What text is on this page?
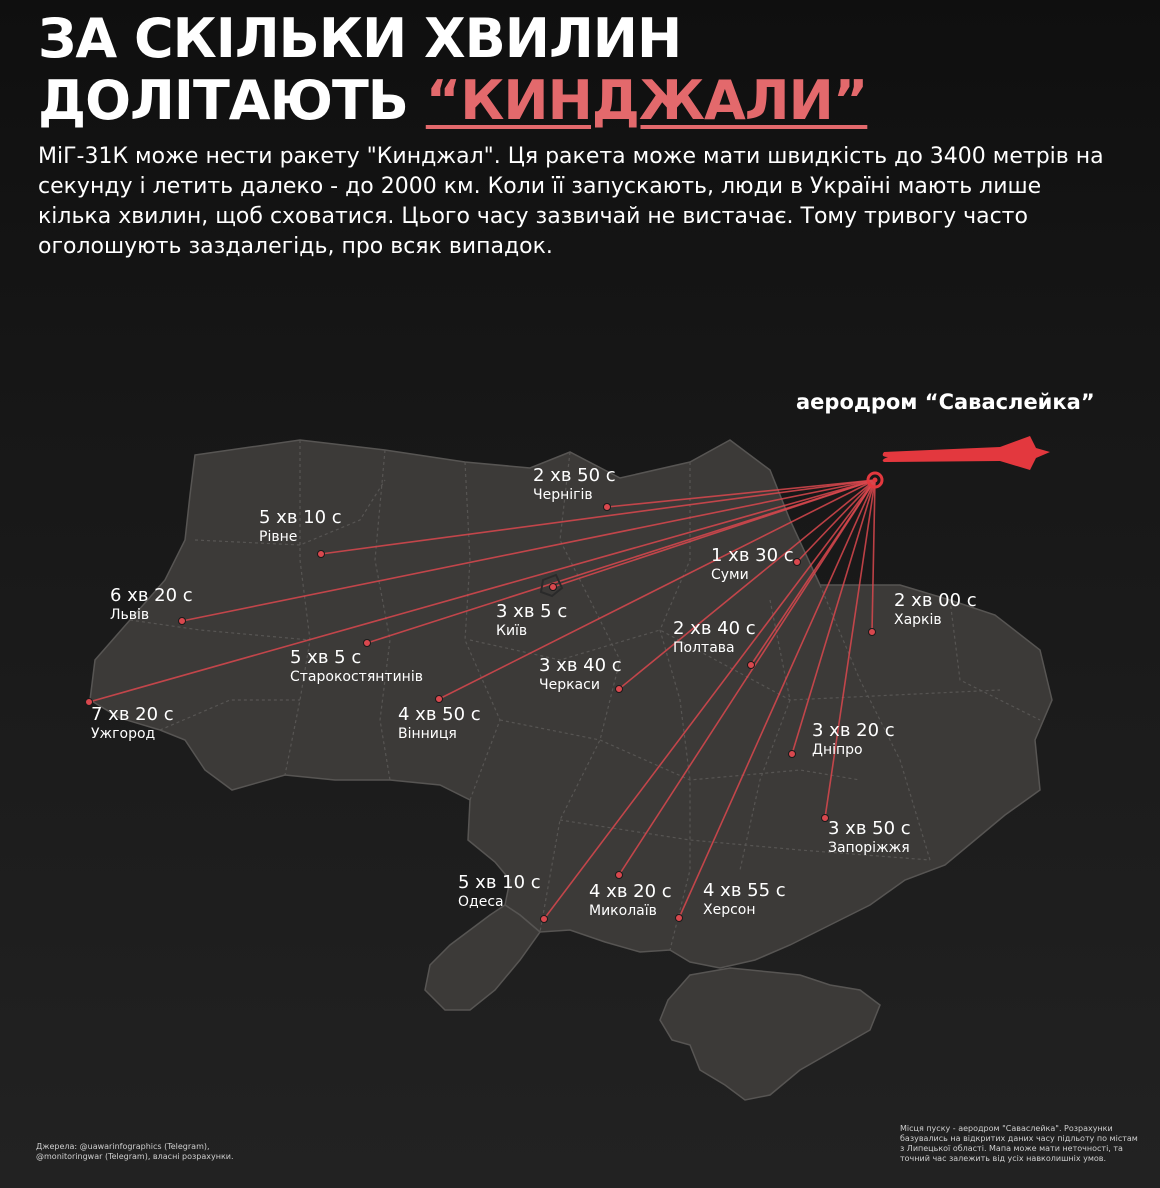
ЗА СКІЛЬКИ ХВИЛИН
ДОЛІТАЮТЬ “КИНДЖАЛИ”

МіГ-31К може нести ракету "Кинджал". Ця ракета може мати швидкість до 3400 метрів на секунду і летить далеко - до 2000 км. Коли її запускають, люди в Україні мають лише кілька хвилин, щоб сховатися. Цього часу зазвичай не вистачає. Тому тривогу часто оголошують заздалегідь, про всяк випадок.

аеродром “Саваслейка”
2 хв 50 с
Чернігів
5 хв 10 с
Рівне
1 хв 30 с
Суми
6 хв 20 с
Львів	3 хв 5 с
Київ
2 хв 00 с
Харків
2 хв 40 с
Полтава
5 хв 5 с
Старокостянтинів
3 хв 40 с
Черкаси
7 хв 20 с
Ужгород
4 хв 50 с
Вінниця	3 хв 20 с
Дніпро
3 хв 50 с
Запоріжжя
5 хв 10 с
Одеса	4 хв 20 с
Миколаїв
4 хв 55 с
Херсон
Джерела: @uawarinfographics (Telegram), @monitoringwar (Telegram), власні розрахунки.
Місця пуску - аеродром "Саваслейка". Розрахунки базувались на відкритих даних часу підльоту по містам з Липецької області. Мапа може мати неточності, та точний час залежить від усіх навколишніх умов.
